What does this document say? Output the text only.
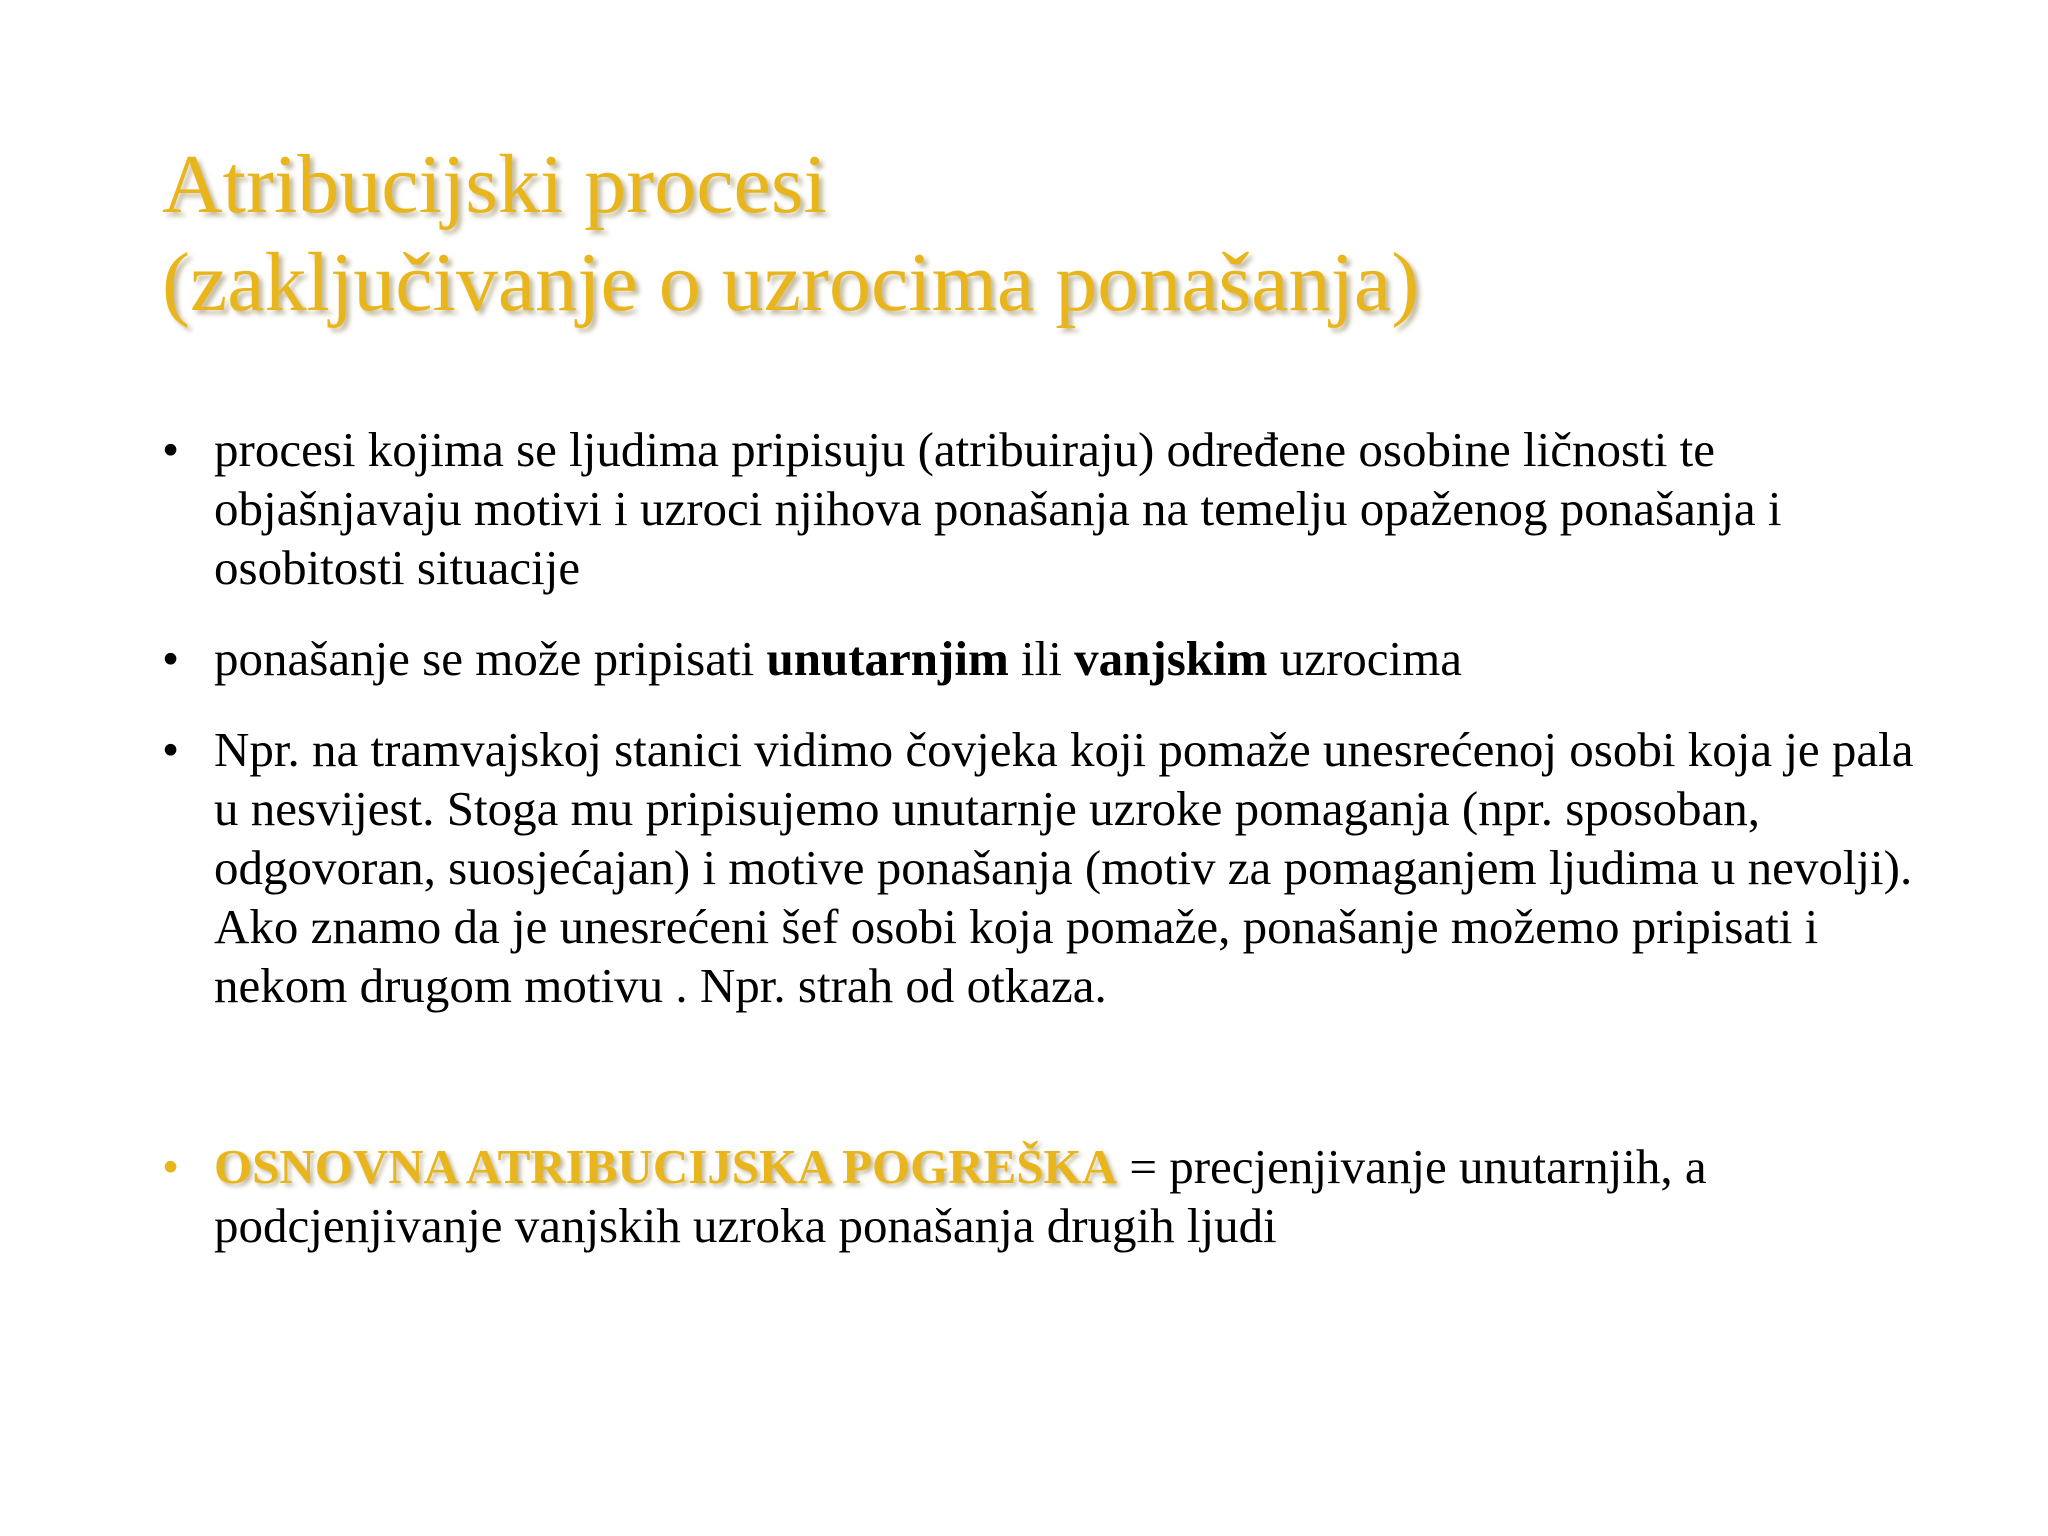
Atribucijski procesi
(zaključivanje o uzrocima ponašanja)
• procesi kojima se ljudima pripisuju (atribuiraju) određene osobine ličnosti te objašnjavaju motivi i uzroci njihova ponašanja na temelju opaženog ponašanja i osobitosti situacije
• ponašanje se može pripisati unutarnjim ili vanjskim uzrocima
• Npr. na tramvajskoj stanici vidimo čovjeka koji pomaže unesrećenoj osobi koja je pala u nesvijest. Stoga mu pripisujemo unutarnje uzroke pomaganja (npr. sposoban, odgovoran, suosjećajan) i motive ponašanja (motiv za pomaganjem ljudima u nevolji). Ako znamo da je unesrećeni šef osobi koja pomaže, ponašanje možemo pripisati i nekom drugom motivu . Npr. strah od otkaza.
• OSNOVNA ATRIBUCIJSKA POGREŠKA = precjenjivanje unutarnjih, a podcjenjivanje vanjskih uzroka ponašanja drugih ljudi
